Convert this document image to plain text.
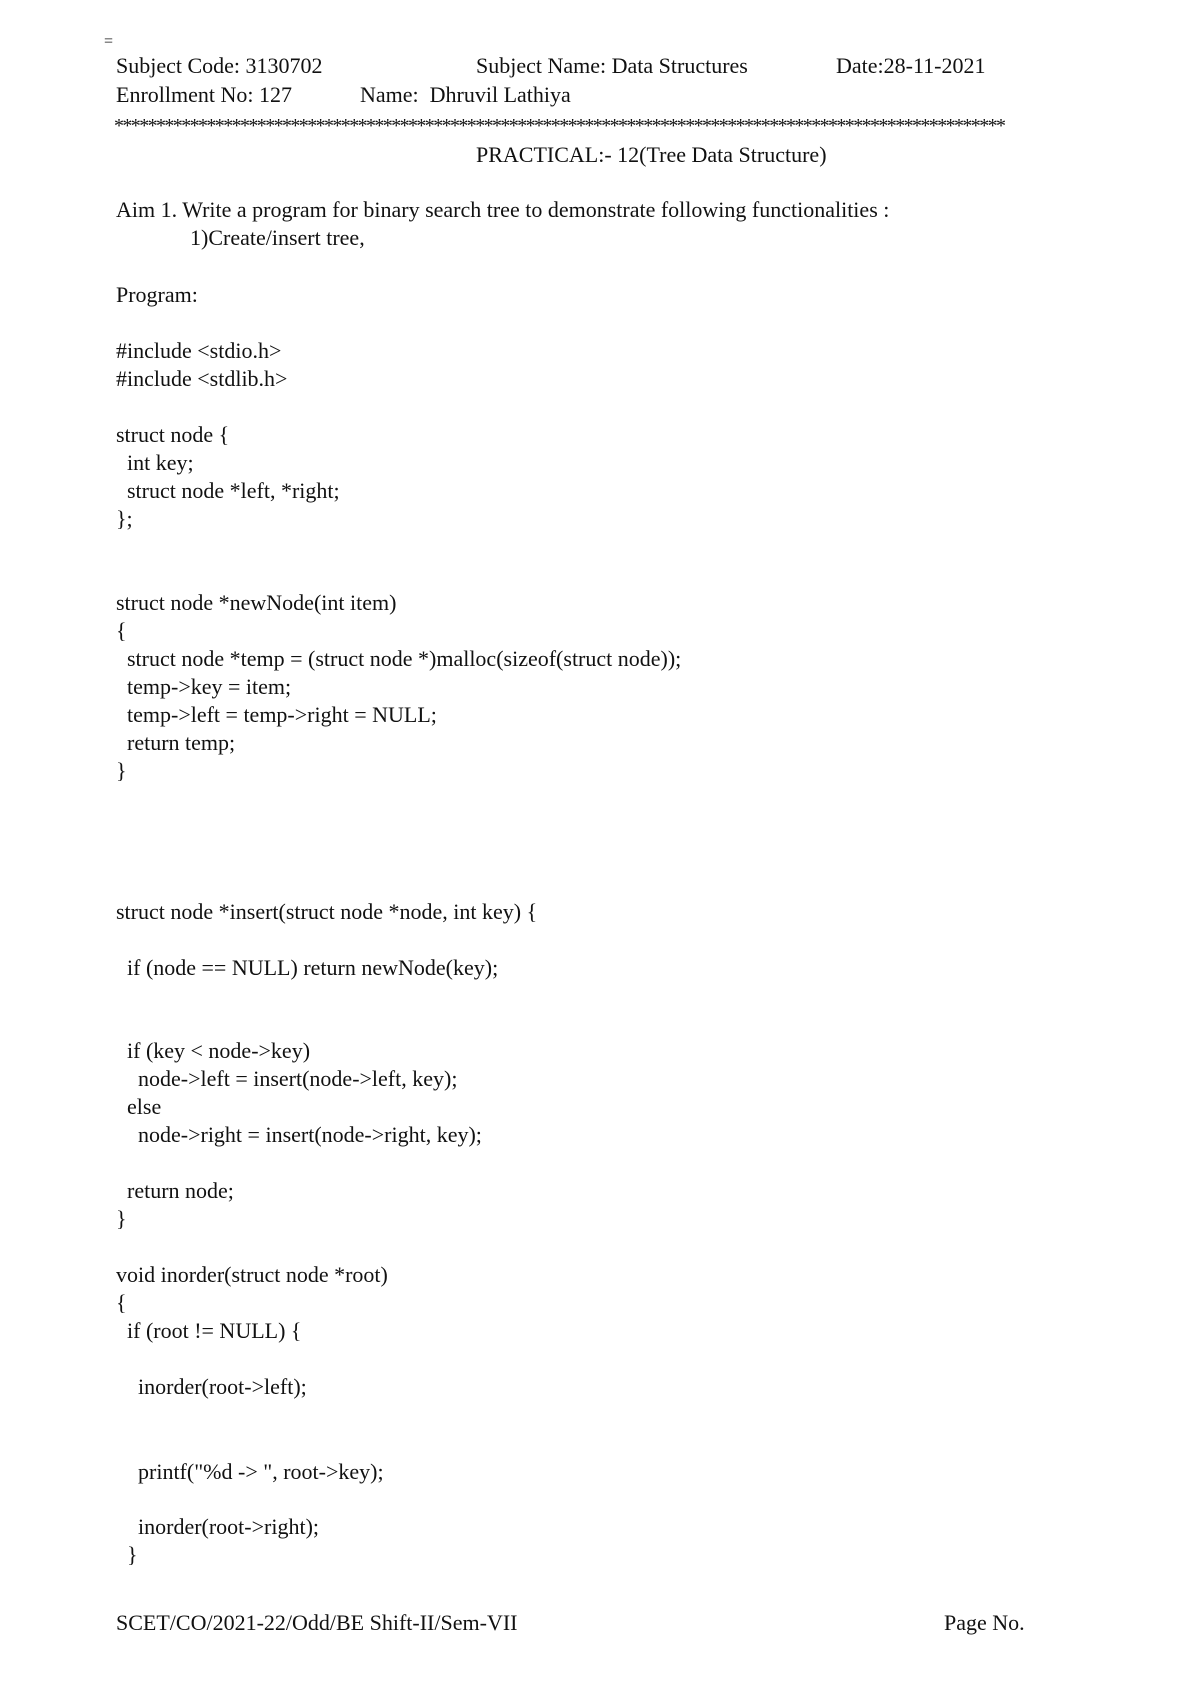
=
Subject Code: 3130702	Subject Name: Data Structures	Date:28-11-2021
Enrollment No: 127	Name:  Dhruvil Lathiya
**********************************************************************************************************
PRACTICAL:- 12(Tree Data Structure)
Aim 1. Write a program for binary search tree to demonstrate following functionalities :
1)Create/insert tree,
Program:
#include <stdio.h>
#include <stdlib.h>
struct node {
int key;
struct node *left, *right;
};
struct node *newNode(int item)
{
struct node *temp = (struct node *)malloc(sizeof(struct node));
temp->key = item;
temp->left = temp->right = NULL;
return temp;
}
struct node *insert(struct node *node, int key) {
if (node == NULL) return newNode(key);
if (key < node->key)
node->left = insert(node->left, key);
else
node->right = insert(node->right, key);
return node;
}
void inorder(struct node *root)
{
if (root != NULL) {
inorder(root->left);
printf("%d -> ", root->key);
inorder(root->right);
}
SCET/CO/2021-22/Odd/BE Shift-II/Sem-VII	Page No.
